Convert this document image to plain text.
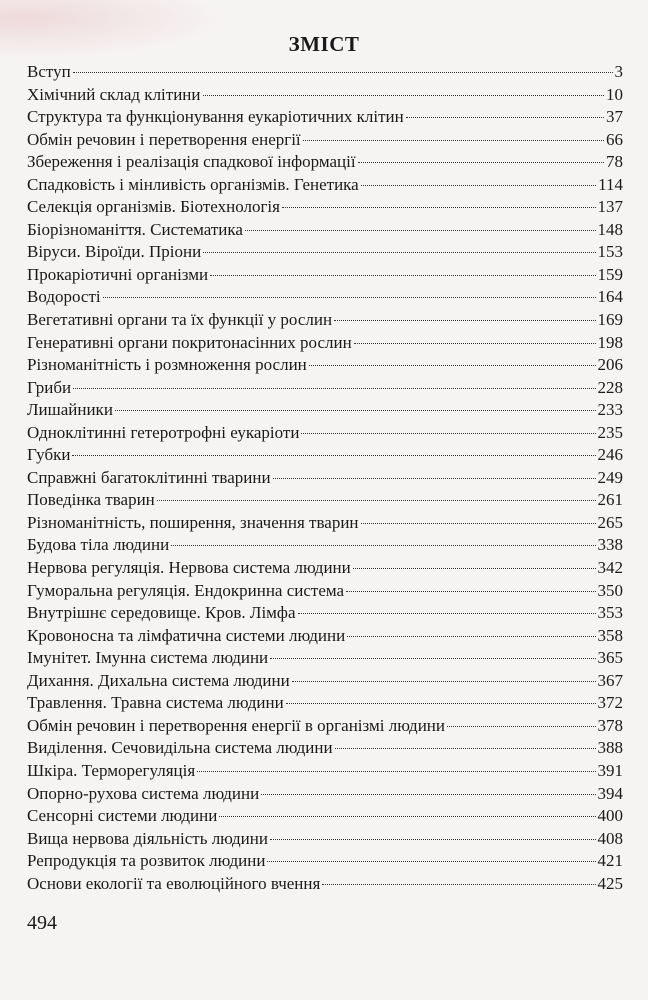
ЗМІСТ
Вступ	3
Хімічний склад клітини	10
Структура та функціонування еукаріотичних клітин	37
Обмін речовин і перетворення енергії	66
Збереження і реалізація спадкової інформації	78
Спадковість і мінливість організмів. Генетика	114
Селекція організмів. Біотехнологія	137
Біорізноманіття. Систематика	148
Віруси. Віроїди. Пріони	153
Прокаріотичні організми	159
Водорості	164
Вегетативні органи та їх функції у рослин	169
Генеративні органи покритонасінних рослин	198
Різноманітність і розмноження рослин	206
Гриби	228
Лишайники	233
Одноклітинні гетеротрофні еукаріоти	235
Губки	246
Справжні багатоклітинні тварини	249
Поведінка тварин	261
Різноманітність, поширення, значення тварин	265
Будова тіла людини	338
Нервова регуляція. Нервова система людини	342
Гуморальна регуляція. Ендокринна система	350
Внутрішнє середовище. Кров. Лімфа	353
Кровоносна та лімфатична системи людини	358
Імунітет. Імунна система людини	365
Дихання. Дихальна система людини	367
Травлення. Травна система людини	372
Обмін речовин і перетворення енергії в організмі людини	378
Виділення. Сечовидільна система людини	388
Шкіра. Терморегуляція	391
Опорно-рухова система людини	394
Сенсорні системи людини	400
Вища нервова діяльність людини	408
Репродукція та розвиток людини	421
Основи екології та еволюційного вчення	425
494
